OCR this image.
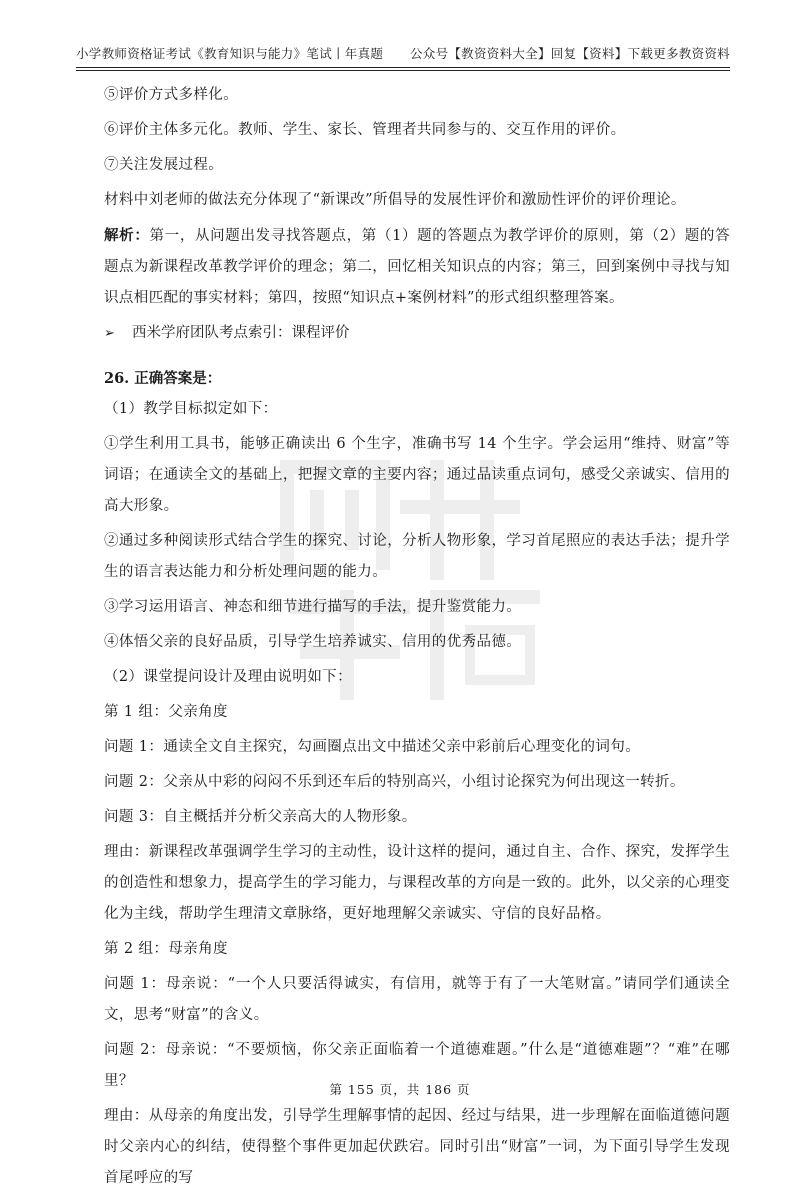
小学教师资格证考试《教育知识与能力》笔试丨年真题 公众号【教资资料大全】回复【资料】下载更多教资资料
⑤评价方式多样化。
⑥评价主体多元化。教师、学生、家长、管理者共同参与的、交互作用的评价。
⑦关注发展过程。
材料中刘老师的做法充分体现了“新课改”所倡导的发展性评价和激励性评价的评价理论。
解析：第一，从问题出发寻找答题点，第（1）题的答题点为教学评价的原则，第（2）题的答题点为新课程改革教学评价的理念；第二，回忆相关知识点的内容；第三，回到案例中寻找与知识点相匹配的事实材料；第四，按照“知识点+案例材料”的形式组织整理答案。
➢	西米学府团队考点索引：课程评价
26. 正确答案是：
（1）教学目标拟定如下：
①学生利用工具书，能够正确读出 6 个生字，准确书写 14 个生字。学会运用“维持、财富”等词语；在通读全文的基础上，把握文章的主要内容；通过品读重点词句，感受父亲诚实、信用的高大形象。
②通过多种阅读形式结合学生的探究、讨论，分析人物形象，学习首尾照应的表达手法；提升学生的语言表达能力和分析处理问题的能力。
③学习运用语言、神态和细节进行描写的手法，提升鉴赏能力。
④体悟父亲的良好品质，引导学生培养诚实、信用的优秀品德。
（2）课堂提问设计及理由说明如下：
第 1 组：父亲角度
问题 1：通读全文自主探究，勾画圈点出文中描述父亲中彩前后心理变化的词句。
问题 2：父亲从中彩的闷闷不乐到还车后的特别高兴，小组讨论探究为何出现这一转折。
问题 3：自主概括并分析父亲高大的人物形象。
理由：新课程改革强调学生学习的主动性，设计这样的提问，通过自主、合作、探究，发挥学生的创造性和想象力，提高学生的学习能力，与课程改革的方向是一致的。此外，以父亲的心理变化为主线，帮助学生理清文章脉络，更好地理解父亲诚实、守信的良好品格。
第 2 组：母亲角度
问题 1：母亲说：“一个人只要活得诚实，有信用，就等于有了一大笔财富。”请同学们通读全文，思考“财富”的含义。
问题 2：母亲说：“不要烦恼，你父亲正面临着一个道德难题。”什么是“道德难题”？“难”在哪里？
理由：从母亲的角度出发，引导学生理解事情的起因、经过与结果，进一步理解在面临道德问题时父亲内心的纠结，使得整个事件更加起伏跌宕。同时引出“财富”一词，为下面引导学生发现首尾呼应的写
第 155 页，共 186 页
